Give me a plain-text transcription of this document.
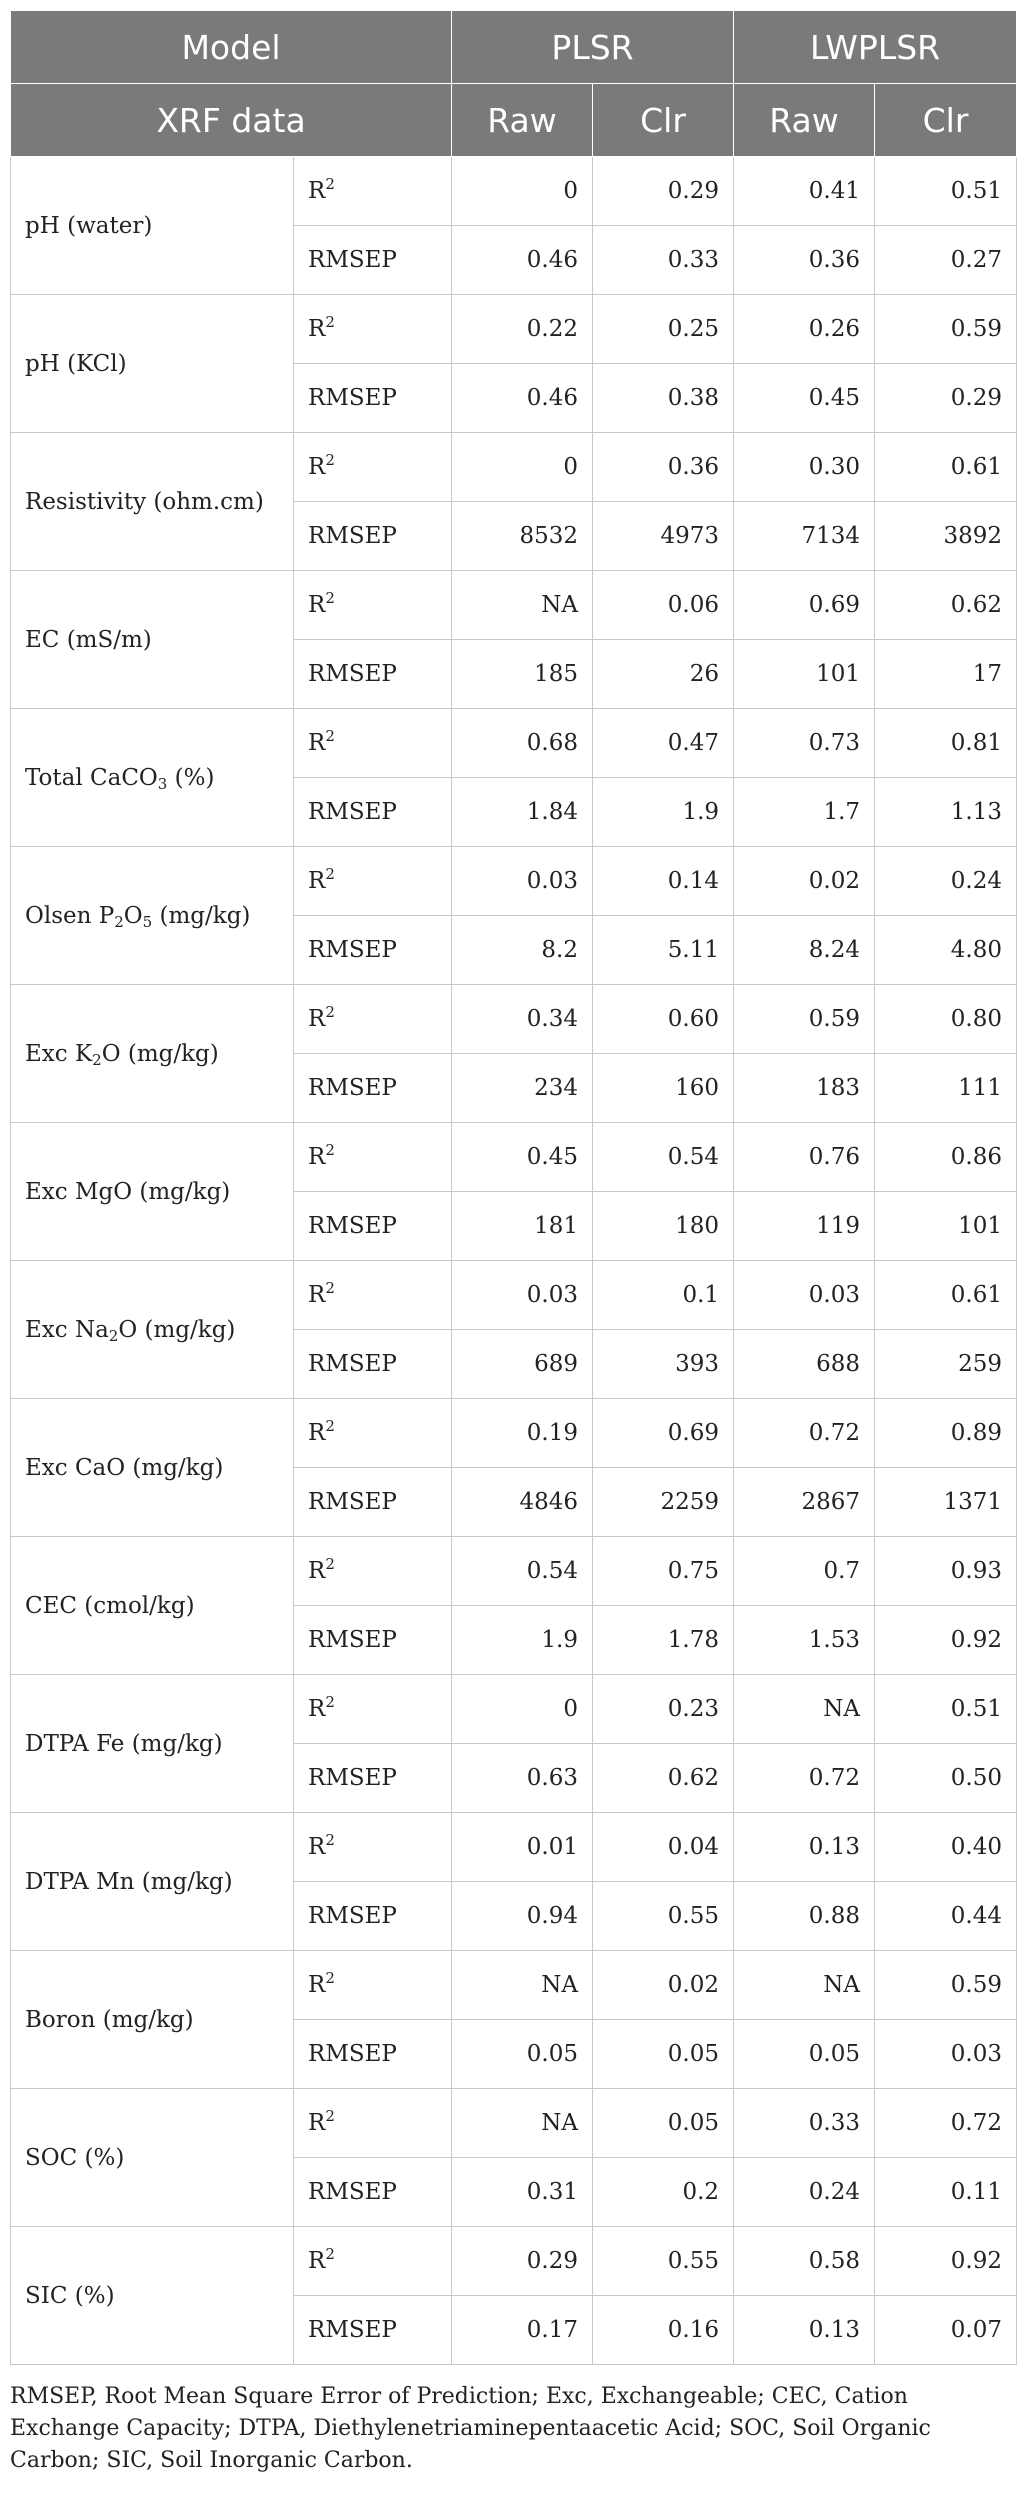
Model		PLSR		LWPLSR	
XRF data		Raw	Clr	Raw	Clr
pH (water)	$R^2$	0	0.29	0.41	0.51
	RMSEP	0.46	0.33	0.36	0.27
pH (KCl)	$R^2$	0.22	0.25	0.26	0.59
	RMSEP	0.46	0.38	0.45	0.29
Resistivity (ohm.cm)	$R^2$	0	0.36	0.30	0.61
	RMSEP	8532	4973	7134	3892
EC (mS/m)	$R^2$	NA	0.06	0.69	0.62
	RMSEP	185	26	101	17
Total CaCO$_3$ (%)	$R^2$	0.68	0.47	0.73	0.81
	RMSEP	1.84	1.9	1.7	1.13
Olsen $P_2O_5$ (mg/kg)	$R^2$	0.03	0.14	0.02	0.24
	RMSEP	8.2	5.11	8.24	4.80
Exc $K_2O$ (mg/kg)	$R^2$	0.34	0.60	0.59	0.80
	RMSEP	234	160	183	111
Exc MgO (mg/kg)	$R^2$	0.45	0.54	0.76	0.86
	RMSEP	181	180	119	101
Exc $Na_2O$ (mg/kg)	$R^2$	0.03	0.1	0.03	0.61
	RMSEP	689	393	688	259
Exc CaO (mg/kg)	$R^2$	0.19	0.69	0.72	0.89
	RMSEP	4846	2259	2867	1371
CEC (cmol/kg)	$R^2$	0.54	0.75	0.7	0.93
	RMSEP	1.9	1.78	1.53	0.92
DTPA Fe (mg/kg)	$R^2$	0	0.23	NA	0.51
	RMSEP	0.63	0.62	0.72	0.50
DTPA Mn (mg/kg)	$R^2$	0.01	0.04	0.13	0.40
	RMSEP	0.94	0.55	0.88	0.44
Boron (mg/kg)	$R^2$	NA	0.02	NA	0.59
	RMSEP	0.05	0.05	0.05	0.03
SOC (%)	$R^2$	NA	0.05	0.33	0.72
	RMSEP	0.31	0.2	0.24	0.11
SIC (%)	$R^2$	0.29	0.55	0.58	0.92
	RMSEP	0.17	0.16	0.13	0.07
RMSEP, Root Mean Square Error of Prediction; Exc, Exchangeable; CEC, Cation Exchange Capacity; DTPA, Diethylenetriaminepentaacetic Acid; SOC, Soil Organic Carbon; SIC, Soil Inorganic Carbon.
